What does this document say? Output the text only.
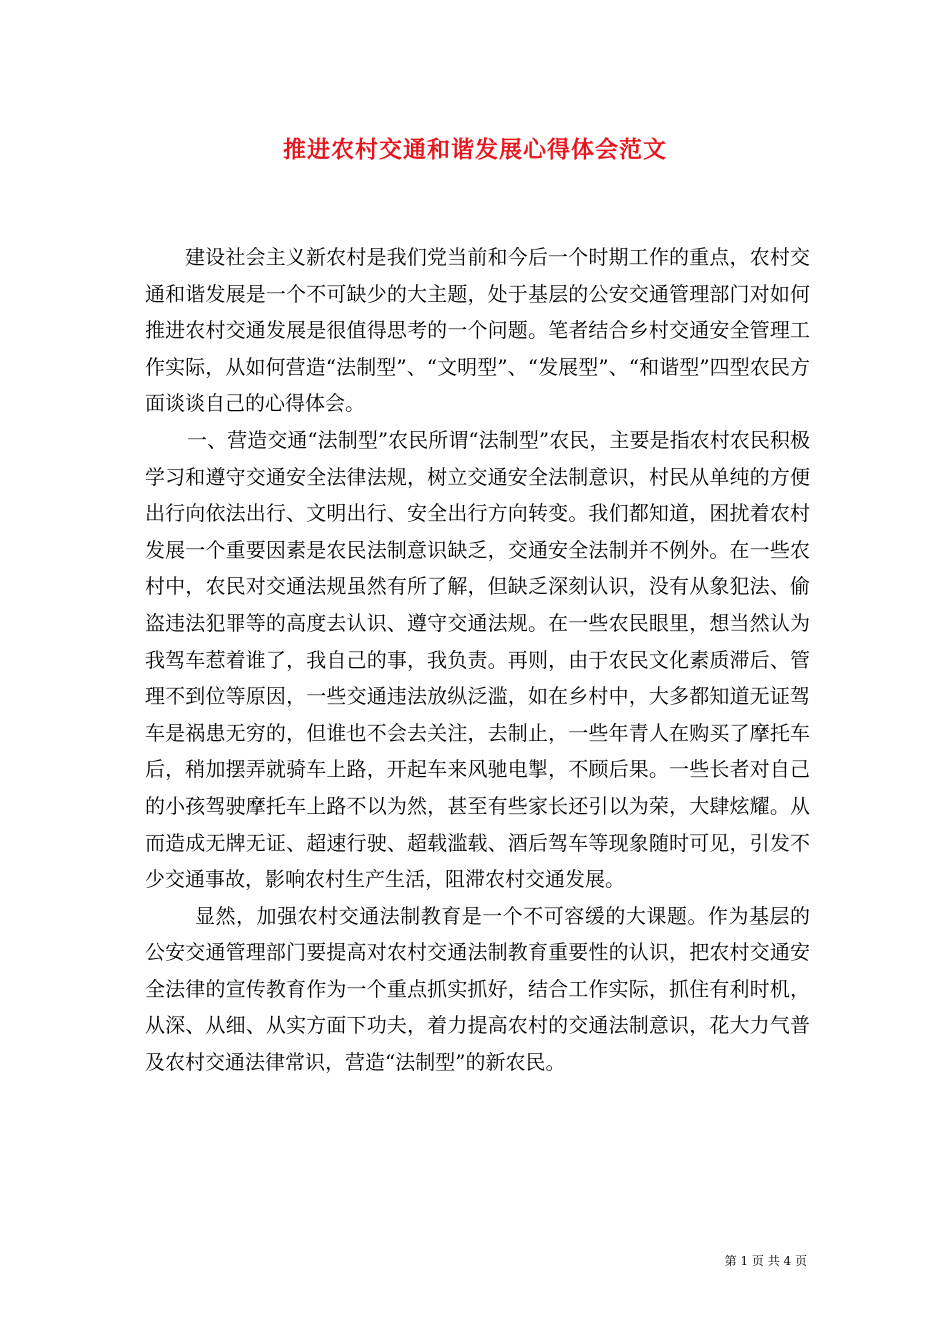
推进农村交通和谐发展心得体会范文

建设社会主义新农村是我们党当前和今后一个时期工作的重点，农村交通和谐发展是一个不可缺少的大主题，处于基层的公安交通管理部门对如何推进农村交通发展是很值得思考的一个问题。笔者结合乡村交通安全管理工作实际，从如何营造“法制型”、“文明型”、“发展型”、“和谐型”四型农民方面谈谈自己的心得体会。

一、营造交通“法制型”农民所谓“法制型”农民，主要是指农村农民积极学习和遵守交通安全法律法规，树立交通安全法制意识，村民从单纯的方便出行向依法出行、文明出行、安全出行方向转变。我们都知道，困扰着农村发展一个重要因素是农民法制意识缺乏，交通安全法制并不例外。在一些农村中，农民对交通法规虽然有所了解，但缺乏深刻认识，没有从象犯法、偷盗违法犯罪等的高度去认识、遵守交通法规。在一些农民眼里，想当然认为我驾车惹着谁了，我自己的事，我负责。再则，由于农民文化素质滞后、管理不到位等原因，一些交通违法放纵泛滥，如在乡村中，大多都知道无证驾车是祸患无穷的，但谁也不会去关注，去制止，一些年青人在购买了摩托车后，稍加摆弄就骑车上路，开起车来风驰电掣，不顾后果。一些长者对自己的小孩驾驶摩托车上路不以为然，甚至有些家长还引以为荣，大肆炫耀。从而造成无牌无证、超速行驶、超载滥载、酒后驾车等现象随时可见，引发不少交通事故，影响农村生产生活，阻滞农村交通发展。

显然，加强农村交通法制教育是一个不可容缓的大课题。作为基层的公安交通管理部门要提高对农村交通法制教育重要性的认识，把农村交通安全法律的宣传教育作为一个重点抓实抓好，结合工作实际，抓住有利时机，从深、从细、从实方面下功夫，着力提高农村的交通法制意识，花大力气普及农村交通法律常识，营造“法制型”的新农民。

第 1 页 共 4 页
